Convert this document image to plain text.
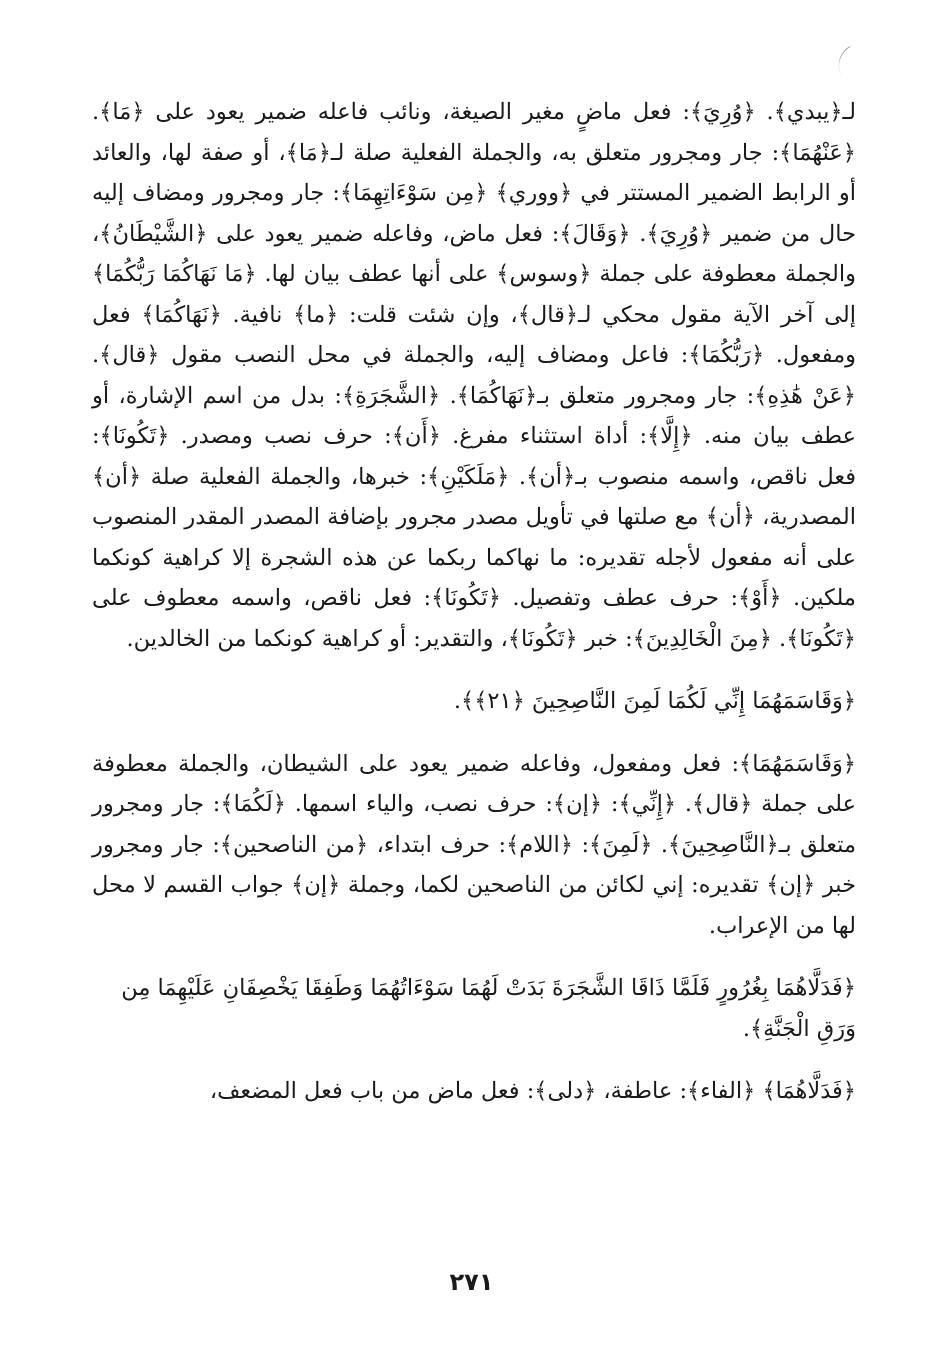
لـ﴿يبدي﴾. ﴿وُرِيَ﴾: فعل ماضٍ مغير الصيغة، ونائب فاعله ضمير يعود على ﴿مَا﴾. ﴿عَنْهُمَا﴾: جار ومجرور متعلق به، والجملة الفعلية صلة لـ﴿مَا﴾، أو صفة لها، والعائد أو الرابط الضمير المستتر في ﴿ووري﴾ ﴿مِن سَوْءَاتِهِمَا﴾: جار ومجرور ومضاف إليه حال من ضمير ﴿وُرِيَ﴾. ﴿وَقَالَ﴾: فعل ماض، وفاعله ضمير يعود على ﴿الشَّيْطَانُ﴾، والجملة معطوفة على جملة ﴿وسوس﴾ على أنها عطف بيان لها. ﴿مَا نَهَاكُمَا رَبُّكُمَا﴾ إلى آخر الآية مقول محكي لـ﴿قال﴾، وإن شئت قلت: ﴿ما﴾ نافية. ﴿نَهَاكُمَا﴾ فعل ومفعول. ﴿رَبُّكُمَا﴾: فاعل ومضاف إليه، والجملة في محل النصب مقول ﴿قال﴾. ﴿عَنْ هَٰذِهِ﴾: جار ومجرور متعلق بـ﴿نَهَاكُمَا﴾. ﴿الشَّجَرَةِ﴾: بدل من اسم الإشارة، أو عطف بيان منه. ﴿إِلَّا﴾: أداة استثناء مفرغ. ﴿أَن﴾: حرف نصب ومصدر. ﴿تَكُونَا﴾: فعل ناقص، واسمه منصوب بـ﴿أن﴾. ﴿مَلَكَيْنِ﴾: خبرها، والجملة الفعلية صلة ﴿أن﴾ المصدرية، ﴿أن﴾ مع صلتها في تأويل مصدر مجرور بإضافة المصدر المقدر المنصوب على أنه مفعول لأجله تقديره: ما نهاكما ربكما عن هذه الشجرة إلا كراهية كونكما ملكين. ﴿أَوْ﴾: حرف عطف وتفصيل. ﴿تَكُونَا﴾: فعل ناقص، واسمه معطوف على ﴿تَكُونَا﴾. ﴿مِنَ الْخَالِدِينَ﴾: خبر ﴿تَكُونَا﴾، والتقدير: أو كراهية كونكما من الخالدين.

﴿وَقَاسَمَهُمَا إِنِّي لَكُمَا لَمِنَ النَّاصِحِينَ ﴿٢١﴾﴾.

﴿وَقَاسَمَهُمَا﴾: فعل ومفعول، وفاعله ضمير يعود على الشيطان، والجملة معطوفة على جملة ﴿قال﴾. ﴿إِنِّي﴾: ﴿إن﴾: حرف نصب، والياء اسمها. ﴿لَكُمَا﴾: جار ومجرور متعلق بـ﴿النَّاصِحِينَ﴾. ﴿لَمِنَ﴾: ﴿اللام﴾: حرف ابتداء، ﴿من الناصحين﴾: جار ومجرور خبر ﴿إن﴾ تقديره: إني لكائن من الناصحين لكما، وجملة ﴿إن﴾ جواب القسم لا محل لها من الإعراب.

﴿فَدَلَّاهُمَا بِغُرُورٍ فَلَمَّا ذَاقَا الشَّجَرَةَ بَدَتْ لَهُمَا سَوْءَاتُهُمَا وَطَفِقَا يَخْصِفَانِ عَلَيْهِمَا مِن وَرَقِ الْجَنَّةِ﴾.

﴿فَدَلَّاهُمَا﴾ ﴿الفاء﴾: عاطفة، ﴿دلى﴾: فعل ماض من باب فعل المضعف،

٢٧١
